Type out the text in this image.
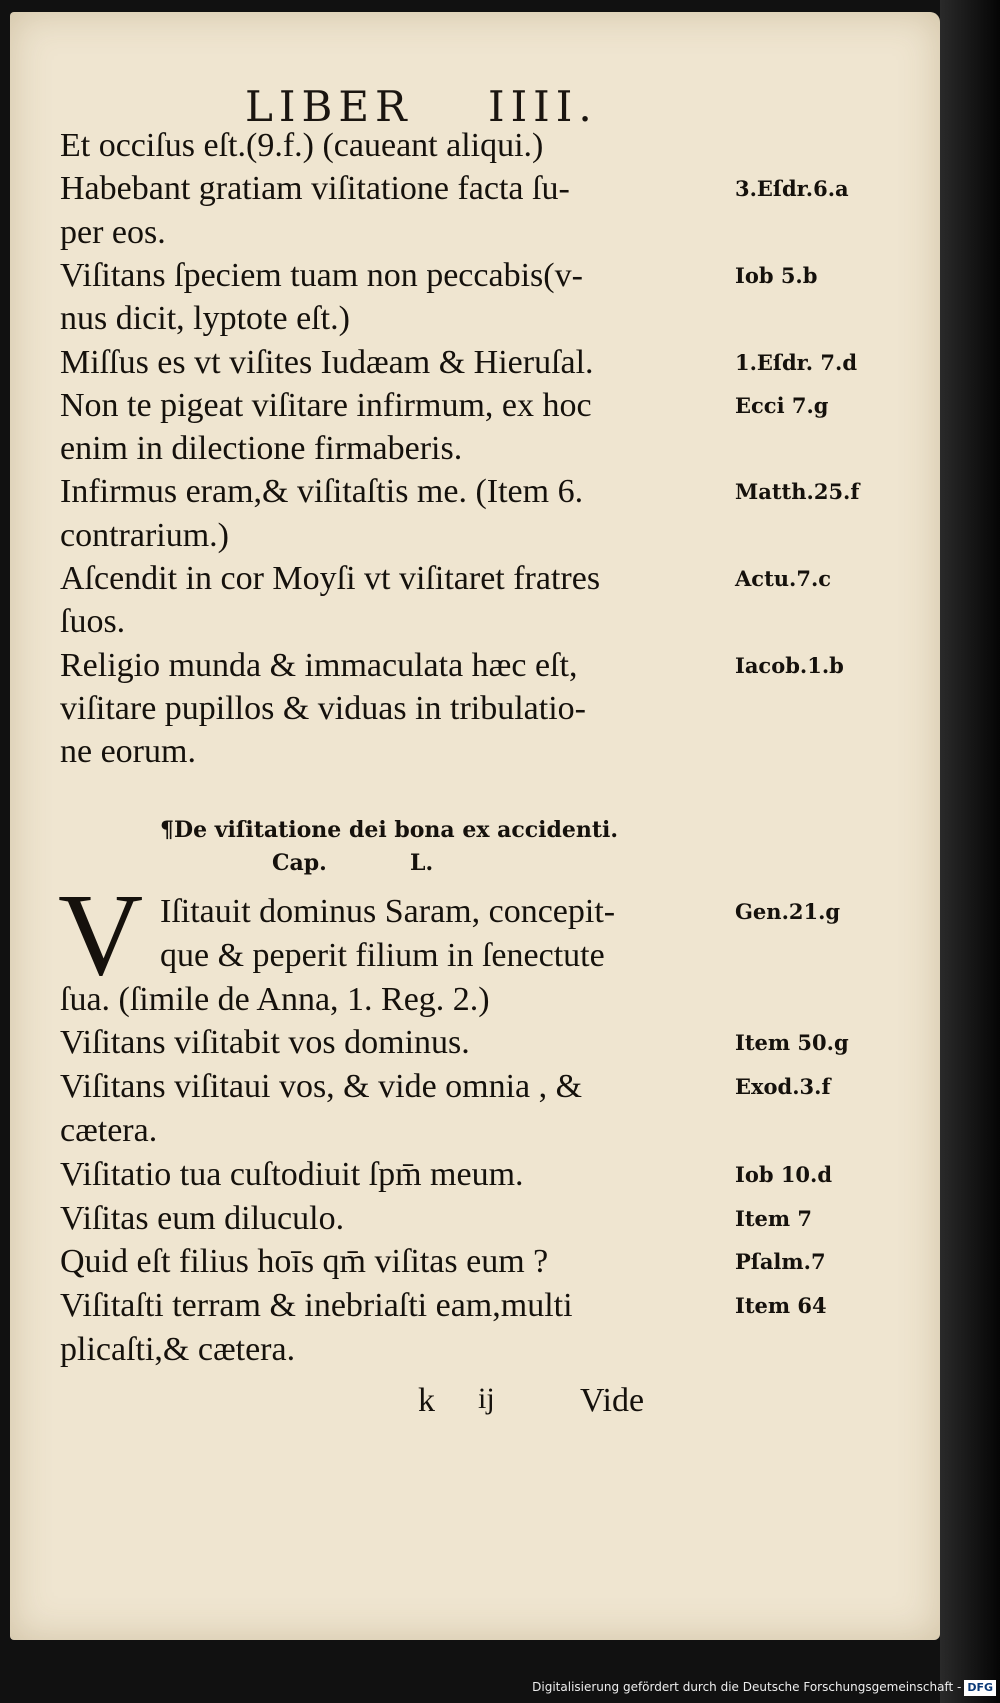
LIBER IIII.
Et occiſus eſt.(9.f.) (caueant aliqui.)
Habebant gratiam viſitatione facta ſu-	3.Eſdr.6.a
per eos.
Viſitans ſpeciem tuam non peccabis(v-	Iob 5.b
nus dicit, lyptote eſt.)
Miſſus es vt viſites Iudæam & Hieruſal.	1.Eſdr. 7.d
Non te pigeat viſitare infirmum, ex hoc	Ecci 7.g
enim in dilectione firmaberis.
Infirmus eram,& viſitaſtis me. (Item 6.	Matth.25.f
contrarium.)
Aſcendit in cor Moyſi vt viſitaret fratres	Actu.7.c
ſuos.
Religio munda & immaculata hæc eſt,	Iacob.1.b
viſitare pupillos & viduas in tribulatio-
ne eorum.
¶De viſitatione dei bona ex accidenti.
Cap.	L.
V Iſitauit dominus Saram, concepit-	Gen.21.g
que & peperit filium in ſenectute
ſua. (ſimile de Anna, 1. Reg. 2.)
Viſitans viſitabit vos dominus.	Item 50.g
Viſitans viſitaui vos, & vide omnia , &	Exod.3.f
cætera.
Viſitatio tua cuſtodiuit ſpm̄ meum.	Iob 10.d
Viſitas eum diluculo.	Item 7
Quid eſt filius hoīs qm̄ viſitas eum ?	Pſalm.7
Viſitaſti terram & inebriaſti eam,multi	Item 64
plicaſti,& cætera.
k ij	Vide
Digitalisierung gefördert durch die Deutsche Forschungsgemeinschaft - DFG
